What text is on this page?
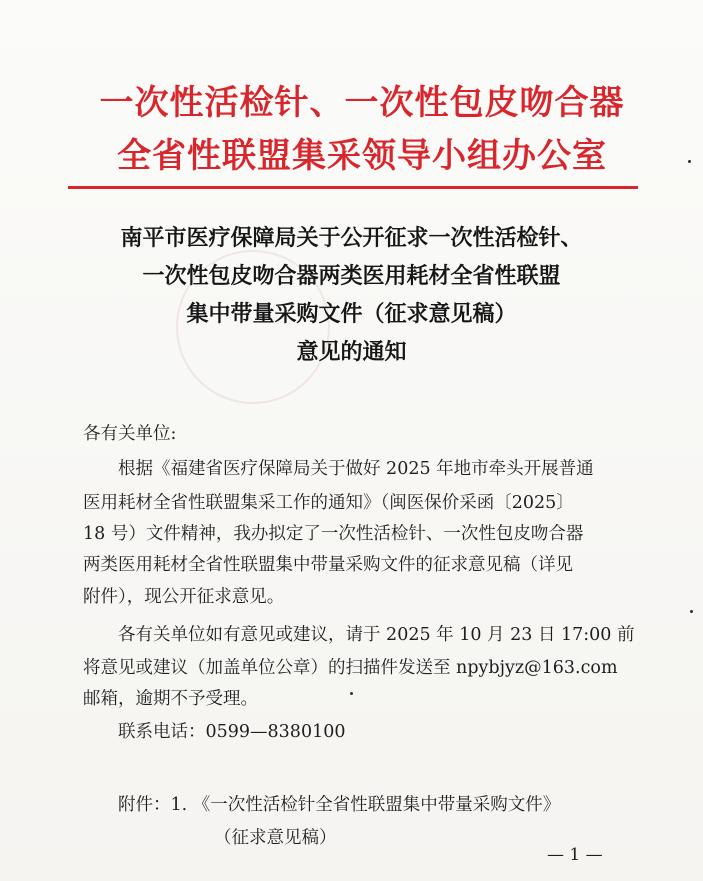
一次性活检针、一次性包皮吻合器
全省性联盟集采领导小组办公室
南平市医疗保障局关于公开征求一次性活检针、
一次性包皮吻合器两类医用耗材全省性联盟
集中带量采购文件（征求意见稿）
意见的通知
各有关单位:
根据《福建省医疗保障局关于做好 2025 年地市牵头开展普通
医用耗材全省性联盟集采工作的通知》（闽医保价采函〔2025〕
18 号）文件精神，我办拟定了一次性活检针、一次性包皮吻合器
两类医用耗材全省性联盟集中带量采购文件的征求意见稿（详见
附件），现公开征求意见。
各有关单位如有意见或建议，请于 2025 年 10 月 23 日 17:00 前
将意见或建议（加盖单位公章）的扫描件发送至 npybjyz@163.com
邮箱，逾期不予受理。
联系电话：0599—8380100
附件：1. 《一次性活检针全省性联盟集中带量采购文件》
（征求意见稿）
— 1 —
